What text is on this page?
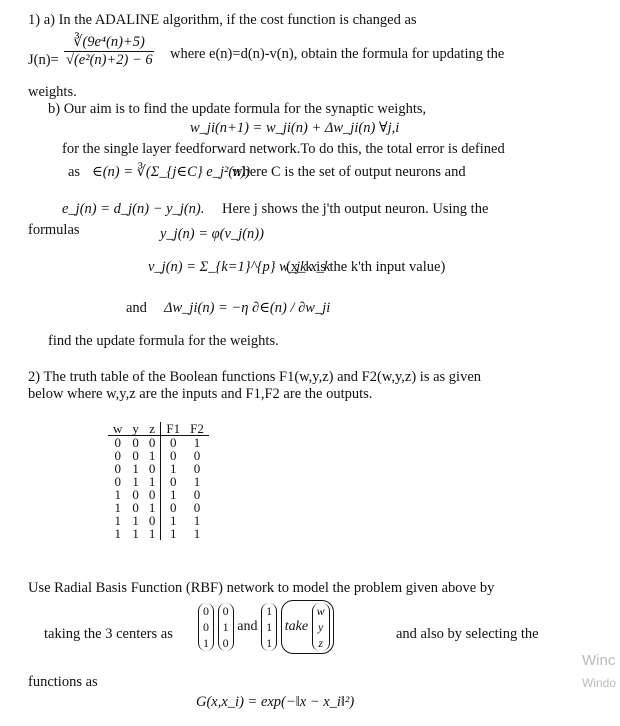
1) a) In the ADALINE algorithm, if the cost function is changed as
$J(n)= \frac{\text{∛(9e⁴(n)+5)}}{\text{√(e²(n)+2) − 6}}$ where e(n)=d(n)-v(n), obtain the formula for updating the
weights.
b) Our aim is to find the update formula for the synaptic weights,
w_ji(n+1) = w_ji(n) + Δw_ji(n) ∀j,i
for the single layer feedforward network.To do this, the total error is defined
as ∈(n) = ∛(Σ_{j∈C} e_j²(n))
where C is the set of output neurons and
e_j(n) = d_j(n) − y_j(n). Here j shows the j'th output neuron. Using the
formulas	y_j(n) = φ(v_j(n))
v_j(n) = Σ_{k=1}^{p} w_jk x_k
(x_k is the k'th input value)
and Δw_ji(n) = −η ∂∈(n) / ∂w_ji
find the update formula for the weights.
2) The truth table of the Boolean functions F1(w,y,z) and F2(w,y,z) is as given
below where w,y,z are the inputs and F1,F2 are the outputs.
w	y	z	F1	F2
0	0	0	0	1
0	0	1	0	0
0	1	0	1	0
0	1	1	0	1
1	0	0	1	0
1	0	1	0	0
1	1	0	1	1
1	1	1	1	1
Use Radial Basis Function (RBF) network to model the problem given above by
taking the 3 centers as
0
0
1 0
1
0 and 1
1
1 take w
y
z
and also by selecting the
functions as
G(x,x_i) = exp(−‖x − x_i‖²)
Winc
Windo
